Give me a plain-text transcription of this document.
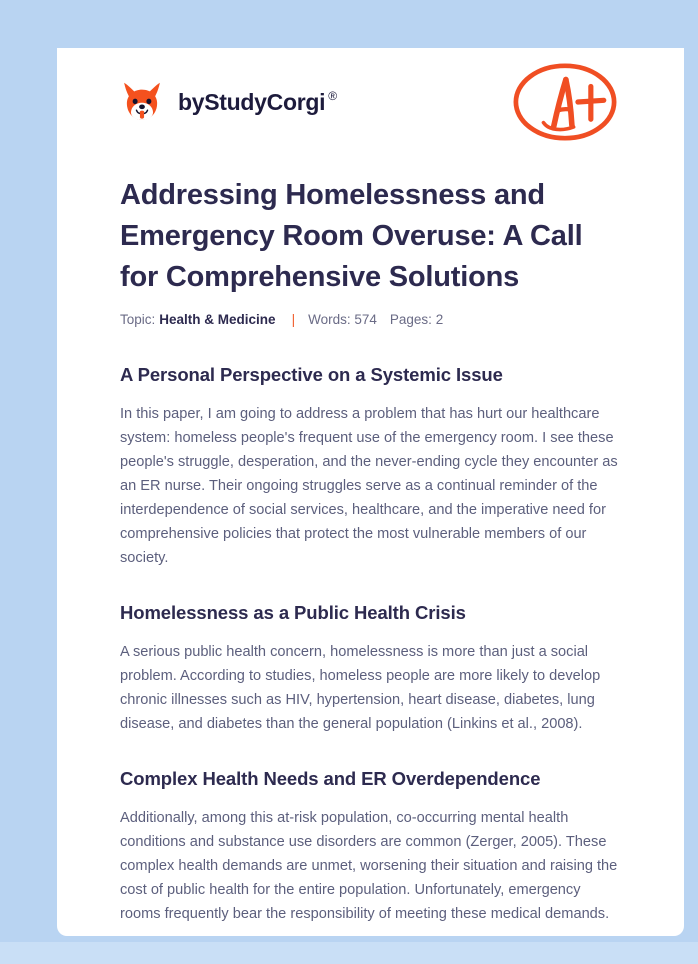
by StudyCorgi ®
Addressing Homelessness and Emergency Room Overuse: A Call for Comprehensive Solutions
Topic: Health & Medicine | Words:
574 Pages:
2
A Personal Perspective on a Systemic Issue

In this paper, I am going to address a problem that has hurt our healthcare system: homeless people's frequent use of the emergency room. I see these people's struggle, desperation, and the never-ending cycle they encounter as an ER nurse. Their ongoing struggles serve as a continual reminder of the interdependence of social services, healthcare, and the imperative need for comprehensive policies that protect the most vulnerable members of our society.

Homelessness as a Public Health Crisis

A serious public health concern, homelessness is more than just a social problem. According to studies, homeless people are more likely to develop chronic illnesses such as HIV, hypertension, heart disease, diabetes, lung disease, and diabetes than the general population (Linkins et al., 2008).

Complex Health Needs and ER Overdependence

Additionally, among this at-risk population, co-occurring mental health conditions and substance use disorders are common (Zerger, 2005). These complex health demands are unmet, worsening their situation and raising the cost of public health for the entire population. Unfortunately, emergency rooms frequently bear the responsibility of meeting these medical demands.
